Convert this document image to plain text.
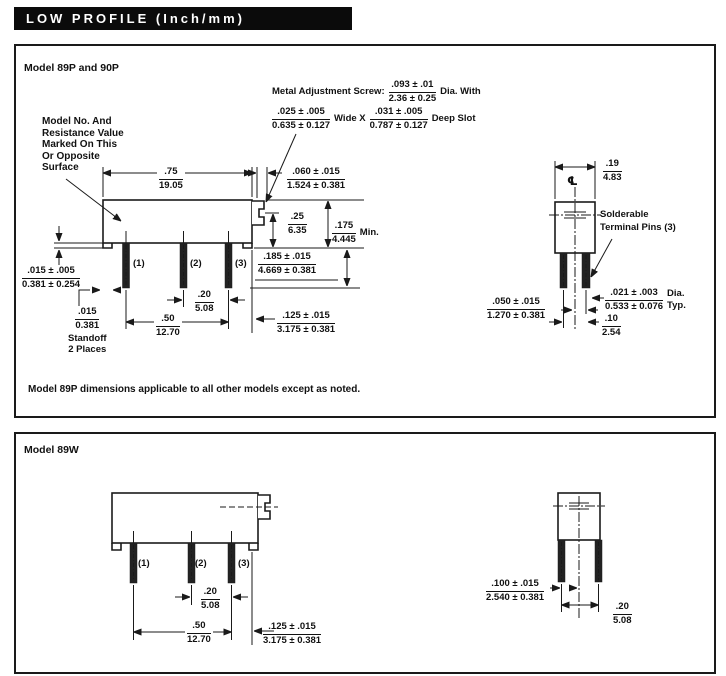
LOW PROFILE (Inch/mm)
Model 89P and 90P
Model No. And
Resistance Value
Marked On This
Or Opposite
Surface
Metal Adjustment Screw: $\frac{.093 \pm .01}{2.36 \pm 0.25}$ Dia. With
$\frac{.025 \pm .005}{0.635 \pm 0.127}$ Wide X $\frac{.031 \pm .005}{0.787 \pm 0.127}$ Deep Slot
$\frac{.75}{19.05}$	$\frac{.060 \pm .015}{1.524 \pm 0.381}$
$\frac{.25}{6.35}$	$\frac{.175}{4.445}$ Min.
$\frac{.185 \pm .015}{4.669 \pm 0.381}$
$\frac{.015 \pm .005}{0.381 \pm 0.254}$
$\frac{.015}{0.381}$
Standoff
2 Places
$\frac{.20}{5.08}$
$\frac{.50}{12.70}$	$\frac{.125 \pm .015}{3.175 \pm 0.381}$
(1)	(2)	(3)
$\frac{.19}{4.83}$
℄
Solderable
Terminal Pins (3)
$\frac{.050 \pm .015}{1.270 \pm 0.381}$	$\frac{.021 \pm .003}{0.533 \pm 0.076}$ Dia.
Typ.
$\frac{.10}{2.54}$
Model 89P dimensions applicable to all other models except as noted.
Model 89W
(1)	(2)	(3)
$\frac{.20}{5.08}$
$\frac{.50}{12.70}$	$\frac{.125 \pm .015}{3.175 \pm 0.381}$
$\frac{.100 \pm .015}{2.540 \pm 0.381}$
$\frac{.20}{5.08}$
